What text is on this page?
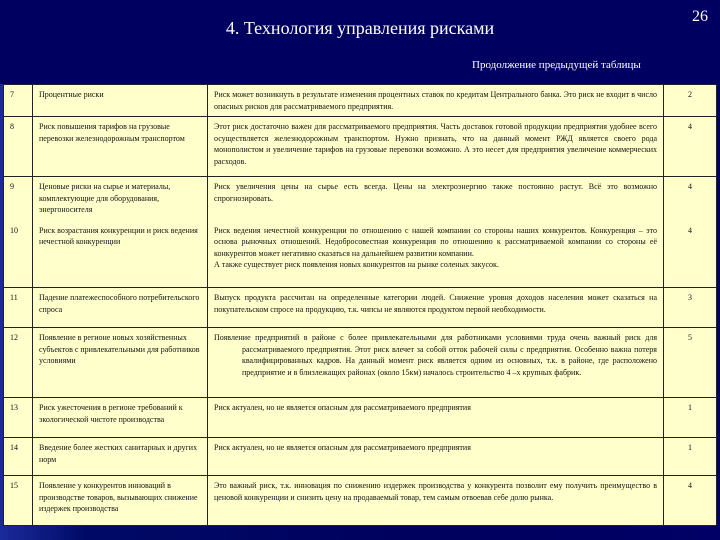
4. Технология управления рисками
26
Продолжение предыдущей таблицы
7	Процентные риски	Риск может возникнуть в результате изменения процентных ставок по кредитам Центрального банка. Это риск не входит в число опасных рисков для рассматриваемого предприятия.	2
8	Риск повышения тарифов на грузовые перевозки железнодорожным транспортом	Этот риск достаточно важен для рассматриваемого предприятия. Часть доставок готовой продукции предприятия удобнее всего осуществляется железнодорожным транспортом. Нужно признать, что на данный момент РЖД является своего рода монополистом и увеличение тарифов на грузовые перевозки возможно. А это несет для предприятия увеличение коммерческих расходов.	4
9	Ценовые риски на сырье и материалы, комплектующие для оборудования, энергоносителя	Риск увеличения цены на сырье есть всегда. Цены на электроэнергию также постоянно растут. Всё это возможно спрогнозировать.	4
10	Риск возрастания конкуренции и риск ведения нечестной конкуренции	Риск ведения нечестной конкуренции по отношению с нашей компании со стороны наших конкурентов. Конкуренция – это основа рыночных отношений. Недобросовестная конкуренция по отношению к рассматриваемой компании со стороны её конкурентов может негативно сказаться на дальнейшем развитии компании.
А также существует риск появления новых конкурентов на рынке соленых закусок.	4
11	Падение платежеспособного потребительского спроса	Выпуск продукта рассчитан на определенные категории людей. Снижение уровня доходов населения может сказаться на покупательском спросе на продукцию, т.к. чипсы не являются продуктом первой необходимости.	3
12	Появление в регионе новых хозяйственных субъектов с привлекательными для работников условиями	Появление предприятий в районе с более привлекательными для работниками условиями труда очень важный риск для рассматриваемого предприятия. Этот риск влечет за собой отток рабочей силы с предприятия. Особенно важна потеря квалифицированных кадров. На данный момент риск является одним из основных, т.к. в районе, где расположено предприятие и в близлежащих районах (около 15км) началось строительство 4 –х крупных фабрик.	5
13	Риск ужесточения в регионе требований к экологической чистоте производства	Риск актуален, но не является опасным для рассматриваемого предприятия	1
14	Введение более жестких санитарных и других норм	Риск актуален, но не является опасным для рассматриваемого предприятия	1
15	Появление у конкурентов инноваций в производстве товаров, вызывающих снижение издержек производства	Это важный риск, т.к. инновация по снижению издержек производства у конкурента позволит ему получить преимущество в ценовой конкуренции и снизить цену на продаваемый товар, тем самым отвоевав себе долю рынка.	4
